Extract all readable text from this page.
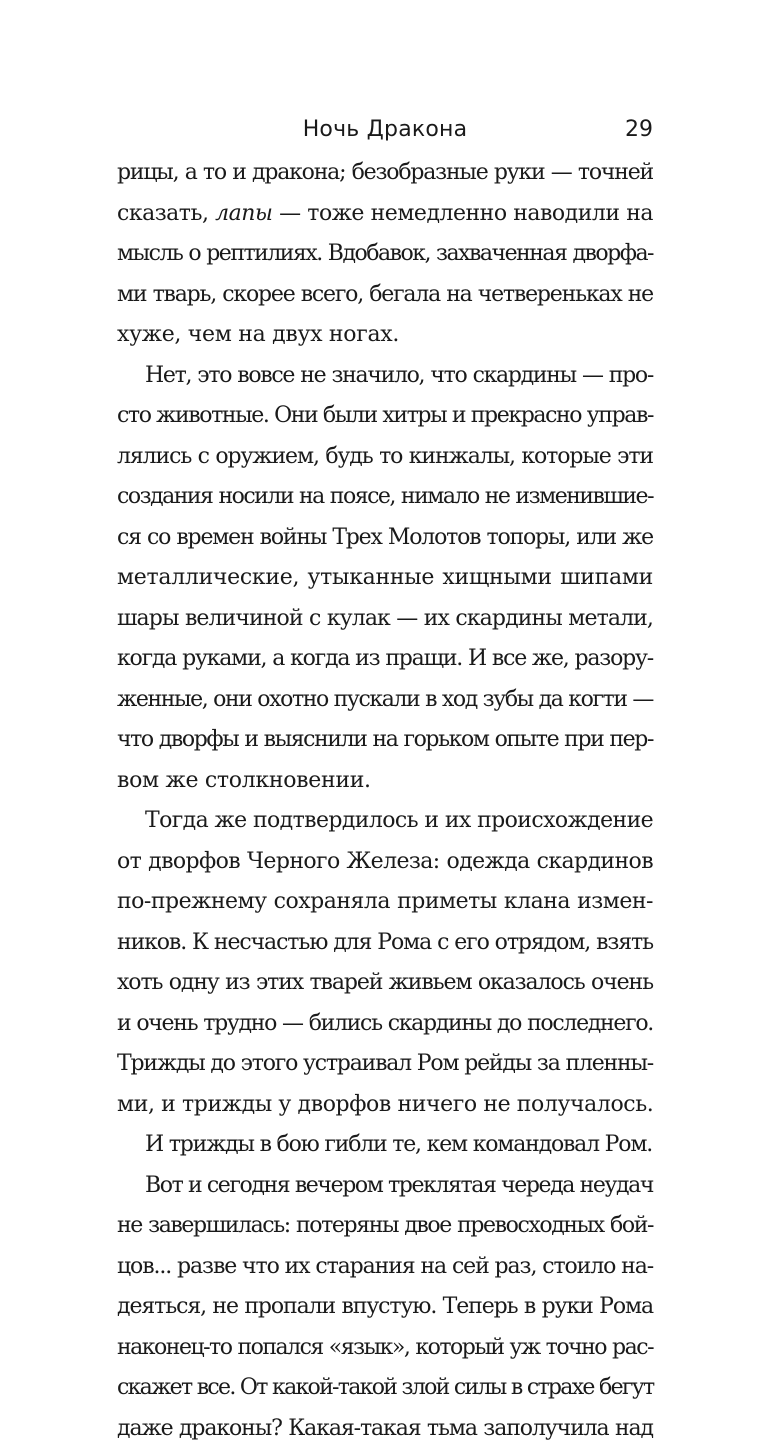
Ночь Дракона	29
рицы, а то и дракона; безобразные руки — точней
сказать, лапы — тоже немедленно наводили на
мысль о рептилиях. Вдобавок, захваченная дворфа-
ми тварь, скорее всего, бегала на четвереньках не
хуже, чем на двух ногах.
Нет, это вовсе не значило, что скардины — про-
сто животные. Они были хитры и прекрасно управ-
лялись с оружием, будь то кинжалы, которые эти
создания носили на поясе, нимало не изменившие-
ся со времен войны Трех Молотов топоры, или же
металлические, утыканные хищными шипами
шары величиной с кулак — их скардины метали,
когда руками, а когда из пращи. И все же, разору-
женные, они охотно пускали в ход зубы да когти —
что дворфы и выяснили на горьком опыте при пер-
вом же столкновении.
Тогда же подтвердилось и их происхождение
от дворфов Черного Железа: одежда скардинов
по-прежнему сохраняла приметы клана измен-
ников. К несчастью для Рома с его отрядом, взять
хоть одну из этих тварей живьем оказалось очень
и очень трудно — бились скардины до последнего.
Трижды до этого устраивал Ром рейды за пленны-
ми, и трижды у дворфов ничего не получалось.
И трижды в бою гибли те, кем командовал Ром.
Вот и сегодня вечером треклятая череда неудач
не завершилась: потеряны двое превосходных бой-
цов... разве что их старания на сей раз, стоило на-
деяться, не пропали впустую. Теперь в руки Рома
наконец-то попался «язык», который уж точно рас-
скажет все. От какой-такой злой силы в страхе бегут
даже драконы? Какая-такая тьма заполучила над
